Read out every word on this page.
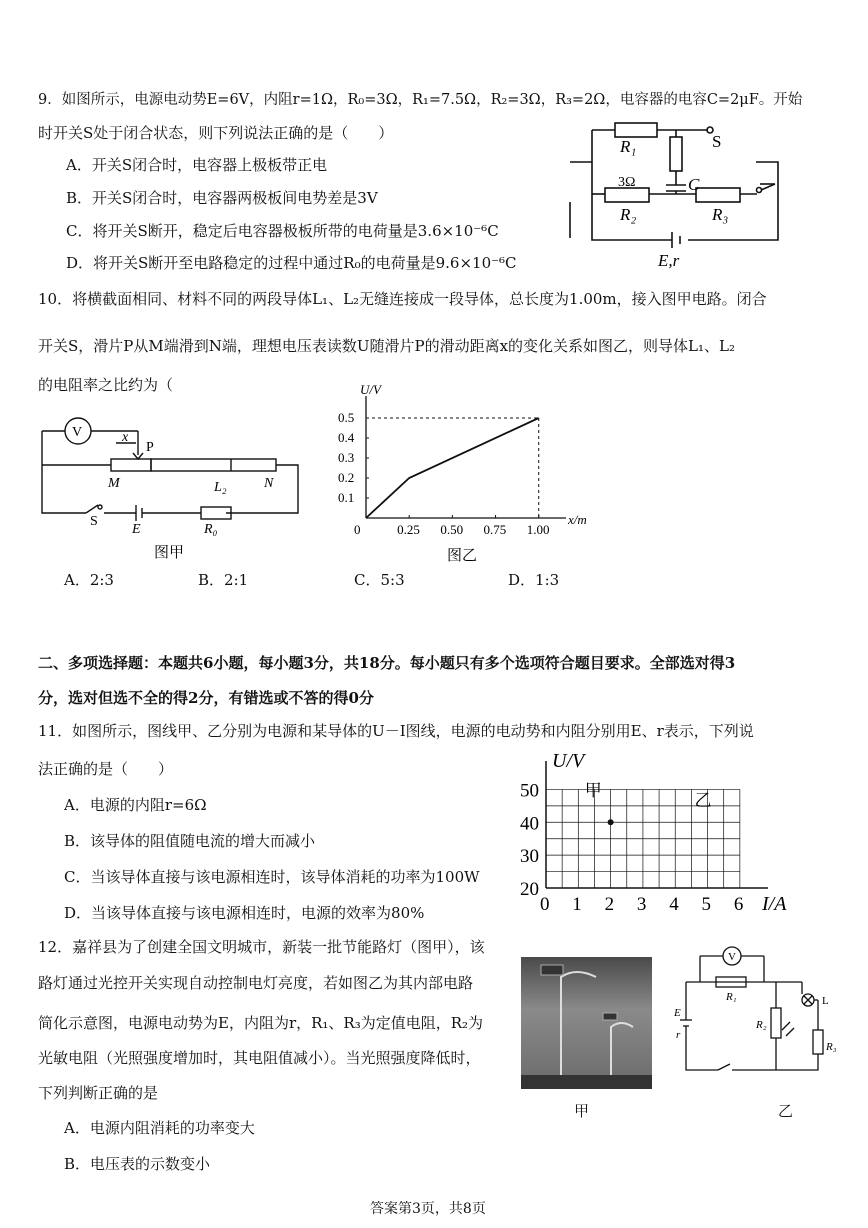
9．如图所示，电源电动势E=6V，内阻r=1Ω，R₀=3Ω，R₁=7.5Ω，R₂=3Ω，R₃=2Ω，电容器的电容C=2μF。开始
时开关S处于闭合状态，则下列说法正确的是（　　）
A．开关S闭合时，电容器上极板带正电
B．开关S闭合时，电容器两极板间电势差是3V
C．将开关S断开，稳定后电容器极板所带的电荷量是3.6×10⁻⁶C
D．将开关S断开至电路稳定的过程中通过R₀的电荷量是9.6×10⁻⁶C
R₁	S
C
3Ω
R₂	R₃
E,r
10．将横截面相同、材料不同的两段导体L₁、L₂无缝连接成一段导体，总长度为1.00m，接入图甲电路。闭合
开关S，滑片P从M端滑到N端，理想电压表读数U随滑片P的滑动距离x的变化关系如图乙，则导体L₁、L₂
的电阻率之比约为（
V	x
P
M	L₂	N
S
E	R₀
图甲
x/m
U/V
0	0.25 0.50 0.75 1.00
0.1
0.2
0.3
0.4
0.5
图乙
A．2:3	B．2:1	C．5:3	D．1:3
二、多项选择题：本题共6小题，每小题3分，共18分。每小题只有多个选项符合题目要求。全部选对得3
分，选对但选不全的得2分，有错选或不答的得0分
11．如图所示，图线甲、乙分别为电源和某导体的U－I图线，电源的电动势和内阻分别用E、r表示，下列说
法正确的是（　　）
A．电源的内阻r=6Ω
B．该导体的阻值随电流的增大而减小
C．当该导体直接与该电源相连时，该导体消耗的功率为100W
D．当该导体直接与该电源相连时，电源的效率为80%	I/A
U/V
0 1 2 3 4 5 6
20
30
40
50	甲
乙
12．嘉祥县为了创建全国文明城市，新装一批节能路灯（图甲），该
路灯通过光控开关实现自动控制电灯亮度，若如图乙为其内部电路
简化示意图，电源电动势为E，内阻为r，R₁、R₃为定值电阻，R₂为
光敏电阻（光照强度增加时，其电阻值减小）。当光照强度降低时，
下列判断正确的是
A．电源内阻消耗的功率变大
B．电压表的示数变小
甲
V
E
r
R₁
R₂
L
R₃
乙
答案第3页，共8页
